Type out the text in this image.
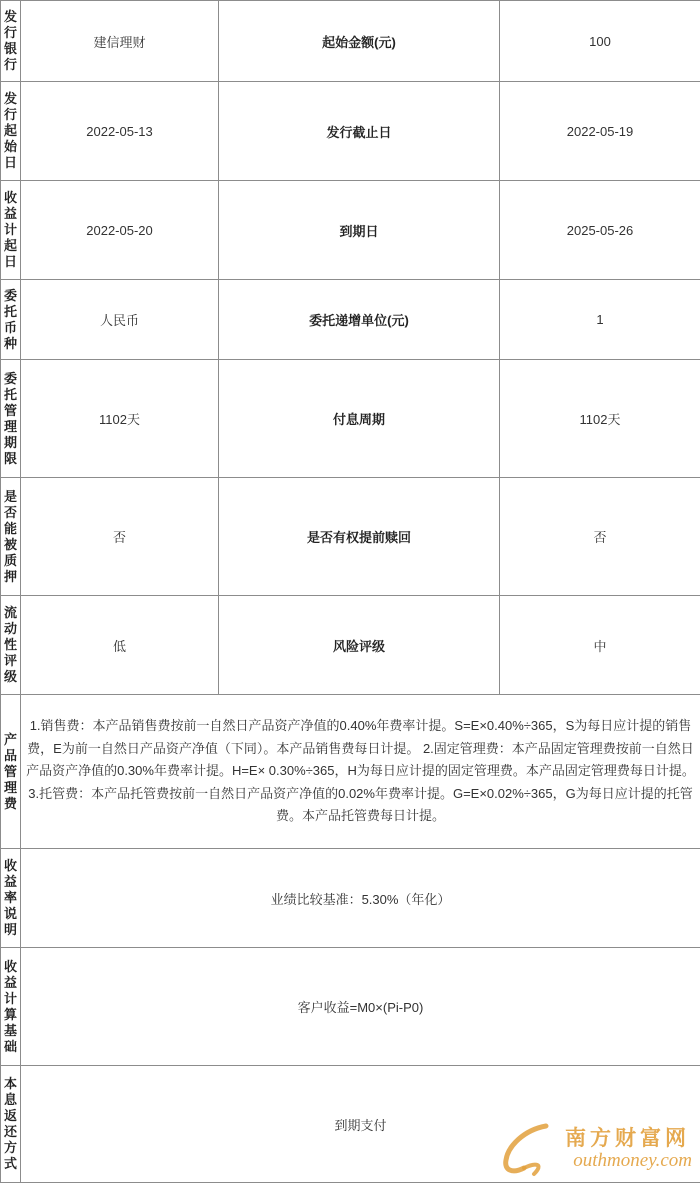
发行银行	建信理财	起始金额(元)	100
发行起始日	2022-05-13	发行截止日	2022-05-19
收益计起日	2022-05-20	到期日	2025-05-26
委托币种	人民币	委托递增单位(元)	1
委托管理期限	1102天	付息周期	1102天
是否能被质押	否	是否有权提前赎回	否
流动性评级	低	风险评级	中
产品管理费	1.销售费：本产品销售费按前一自然日产品资产净值的0.40%年费率计提。S=E×0.40%÷365，S为每日应计提的销售费，E为前一自然日产品资产净值（下同）。本产品销售费每日计提。 2.固定管理费：本产品固定管理费按前一自然日产品资产净值的0.30%年费率计提。H=E× 0.30%÷365，H为每日应计提的固定管理费。本产品固定管理费每日计提。 3.托管费：本产品托管费按前一自然日产品资产净值的0.02%年费率计提。G=E×0.02%÷365，G为每日应计提的托管费。本产品托管费每日计提。		
收益率说明	业绩比较基准：5.30%（年化）		
收益计算基础	客户收益=M0×(Pi-P0)		
本息返还方式	到期支付		
南方财富网
outhmoney.com
